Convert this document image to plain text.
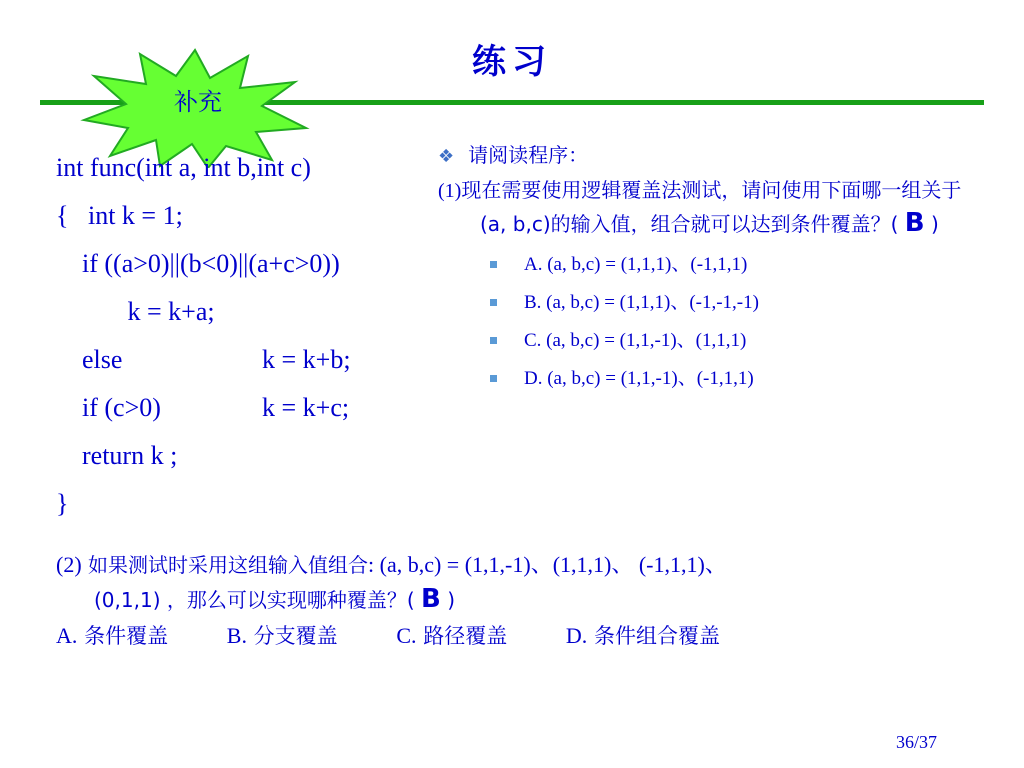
练习
补充
int func(int a, int b,int c)
{   int k = 1;
if ((a>0)||(b<0)||(a+c>0))
k = k+a;
else	k = k+b;
if (c>0)	k = k+c;
return k ;
}
❖ 请阅读程序：
(1)现在需要使用逻辑覆盖法测试，请问使用下面哪一组关于(a, b,c)的输入值，组合就可以达到条件覆盖？( B )
A. (a, b,c) = (1,1,1)、(-1,1,1)
B. (a, b,c) = (1,1,1)、(-1,-1,-1)
C. (a, b,c) = (1,1,-1)、(1,1,1)
D. (a, b,c) = (1,1,-1)、(-1,1,1)
(2) 如果测试时采用这组输入值组合: (a, b,c) = (1,1,-1)、(1,1,1)、 (-1,1,1)、
(0,1,1) ，那么可以实现哪种覆盖？( B )
A. 条件覆盖	B. 分支覆盖	C. 路径覆盖	D. 条件组合覆盖
36/37
